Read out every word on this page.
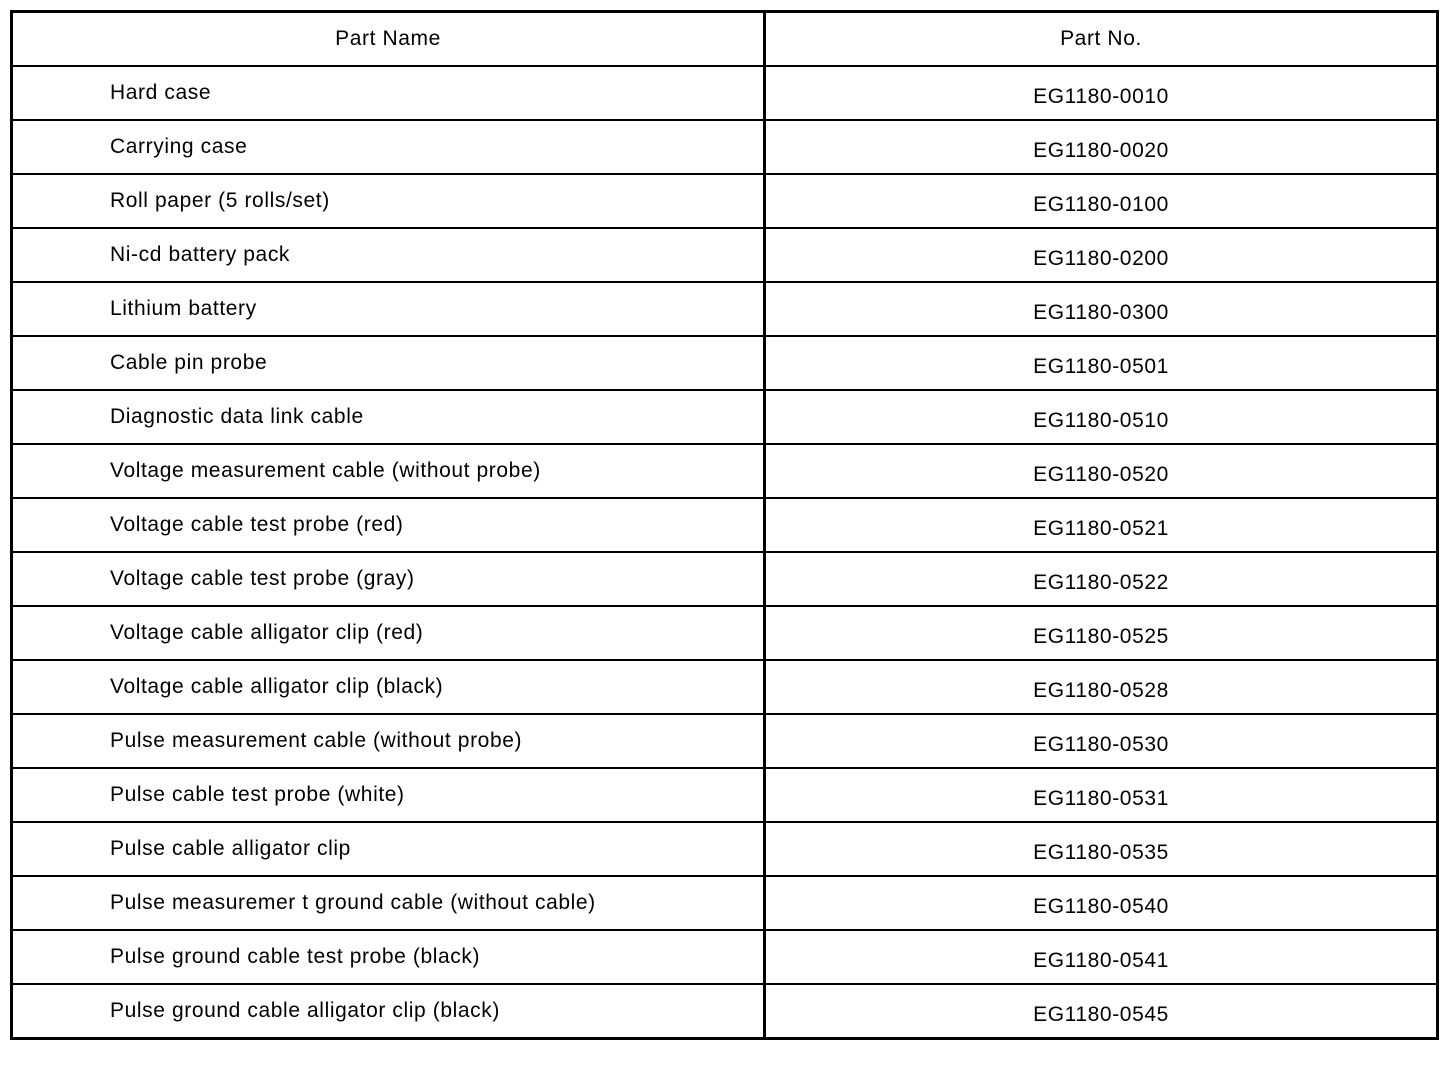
Part Name	Part No.
Hard case	EG1180-0010
Carrying case	EG1180-0020
Roll paper (5 rolls/set)	EG1180-0100
Ni-cd battery pack	EG1180-0200
Lithium battery	EG1180-0300
Cable pin probe	EG1180-0501
Diagnostic data link cable	EG1180-0510
Voltage measurement cable (without probe)	EG1180-0520
Voltage cable test probe (red)	EG1180-0521
Voltage cable test probe (gray)	EG1180-0522
Voltage cable alligator clip (red)	EG1180-0525
Voltage cable alligator clip (black)	EG1180-0528
Pulse measurement cable (without probe)	EG1180-0530
Pulse cable test probe (white)	EG1180-0531
Pulse cable alligator clip	EG1180-0535
Pulse measuremer t ground cable (without cable)	EG1180-0540
Pulse ground cable test probe (black)	EG1180-0541
Pulse ground cable alligator clip (black)	EG1180-0545
